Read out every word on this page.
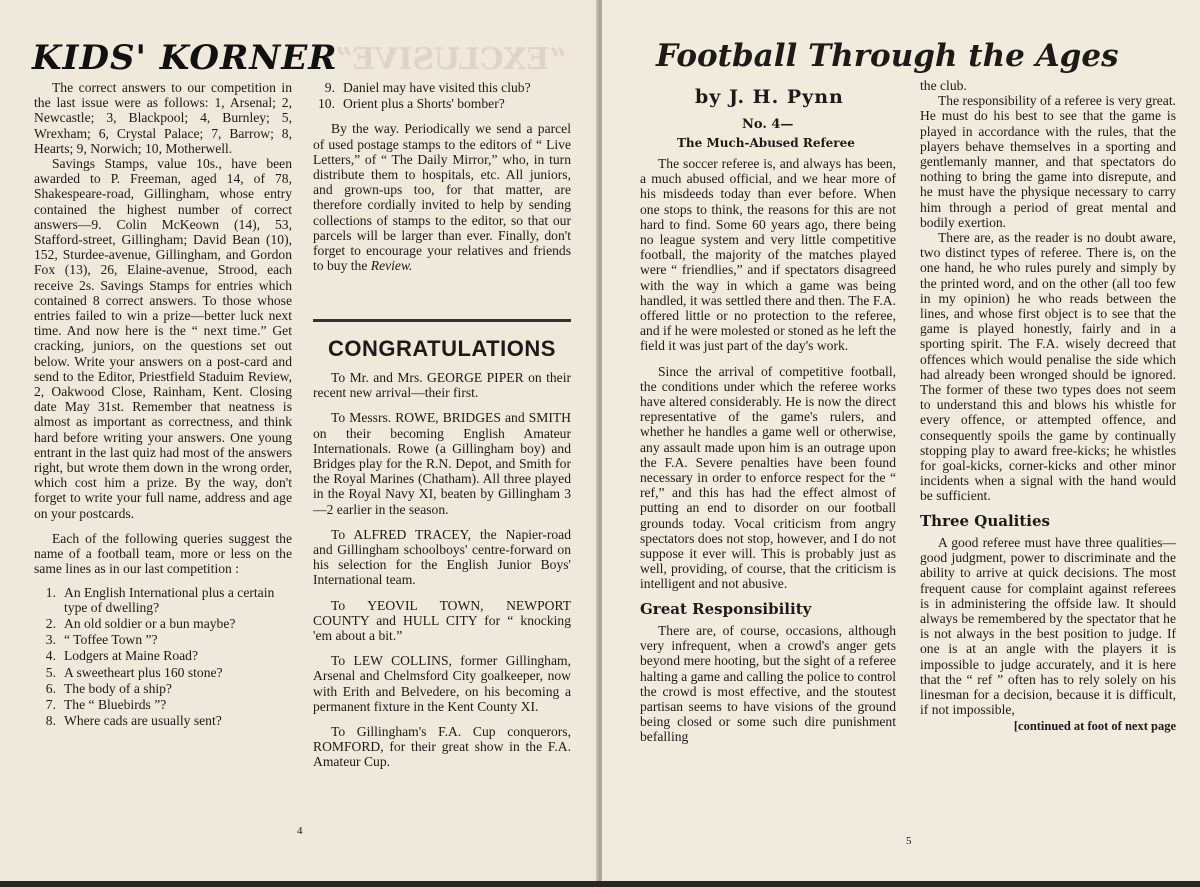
“EXCLUSIVE”
KIDS' KORNER

The correct answers to our competition in the last issue were as follows: 1, Arsenal; 2, Newcastle; 3, Blackpool; 4, Burnley; 5, Wrexham; 6, Crystal Palace; 7, Barrow; 8, Hearts; 9, Norwich; 10, Motherwell.

Savings Stamps, value 10s., have been awarded to P. Freeman, aged 14, of 78, Shakespeare-road, Gillingham, whose entry contained the highest number of correct answers—9. Colin McKeown (14), 53, Stafford-street, Gillingham; David Bean (10), 152, Sturdee-avenue, Gillingham, and Gordon Fox (13), 26, Elaine-avenue, Strood, each receive 2s. Savings Stamps for entries which contained 8 correct answers. To those whose entries failed to win a prize—better luck next time. And now here is the “ next time.” Get cracking, juniors, on the questions set out below. Write your answers on a post-card and send to the Editor, Priestfield Staduim Review, 2, Oakwood Close, Rainham, Kent. Closing date May 31st. Remember that neatness is almost as important as correctness, and think hard before writing your answers. One young entrant in the last quiz had most of the answers right, but wrote them down in the wrong order, which cost him a prize. By the way, don't forget to write your full name, address and age on your postcards.

Each of the following queries suggest the name of a football team, more or less on the same lines as in our last competition :

1. An English International plus a certain type of dwelling?
2. An old soldier or a bun maybe?
3. “ Toffee Town ”?
4. Lodgers at Maine Road?
5. A sweetheart plus 160 stone?
6. The body of a ship?
7. The “ Bluebirds ”?
8. Where cads are usually sent?
9. Daniel may have visited this club?
10. Orient plus a Shorts' bomber?

By the way. Periodically we send a parcel of used postage stamps to the editors of “ Live Letters,” of “ The Daily Mirror,” who, in turn distribute them to hospitals, etc. All juniors, and grown-ups too, for that matter, are therefore cordially invited to help by sending collections of stamps to the editor, so that our parcels will be larger than ever. Finally, don't forget to encourage your relatives and friends to buy the Review.

CONGRATULATIONS

To Mr. and Mrs. GEORGE PIPER on their recent new arrival—their first.

To Messrs. ROWE, BRIDGES and SMITH on their becoming English Amateur Internationals. Rowe (a Gillingham boy) and Bridges play for the R.N. Depot, and Smith for the Royal Marines (Chatham). All three played in the Royal Navy XI, beaten by Gillingham 3—2 earlier in the season.

To ALFRED TRACEY, the Napier-road and Gillingham schoolboys' centre-forward on his selection for the English Junior Boys' International team.

To YEOVIL TOWN, NEWPORT COUNTY and HULL CITY for “ knocking 'em about a bit.”

To LEW COLLINS, former Gillingham, Arsenal and Chelmsford City goalkeeper, now with Erith and Belvedere, on his becoming a permanent fixture in the Kent County XI.

To Gillingham's F.A. Cup conquerors, ROMFORD, for their great show in the F.A. Amateur Cup.

4
Football Through the Ages
by J. H. Pynn
No. 4—
The Much-Abused Referee

The soccer referee is, and always has been, a much abused official, and we hear more of his misdeeds today than ever before. When one stops to think, the reasons for this are not hard to find. Some 60 years ago, there being no league system and very little competitive football, the majority of the matches played were “ friendlies,” and if spectators disagreed with the way in which a game was being handled, it was settled there and then. The F.A. offered little or no protection to the referee, and if he were molested or stoned as he left the field it was just part of the day's work.

Since the arrival of competitive football, the conditions under which the referee works have altered considerably. He is now the direct representative of the game's rulers, and whether he handles a game well or otherwise, any assault made upon him is an outrage upon the F.A. Severe penalties have been found necessary in order to enforce respect for the “ ref,” and this has had the effect almost of putting an end to disorder on our football grounds today. Vocal criticism from angry spectators does not stop, however, and I do not suppose it ever will. This is probably just as well, providing, of course, that the criticism is intelligent and not abusive.

Great Responsibility

There are, of course, occasions, although very infrequent, when a crowd's anger gets beyond mere hooting, but the sight of a referee halting a game and calling the police to control the crowd is most effective, and the stoutest partisan seems to have visions of the ground being closed or some such dire punishment befalling

the club.

The responsibility of a referee is very great. He must do his best to see that the game is played in accordance with the rules, that the players behave themselves in a sporting and gentlemanly manner, and that spectators do nothing to bring the game into disrepute, and he must have the physique necessary to carry him through a period of great mental and bodily exertion.

There are, as the reader is no doubt aware, two distinct types of referee. There is, on the one hand, he who rules purely and simply by the printed word, and on the other (all too few in my opinion) he who reads between the lines, and whose first object is to see that the game is played honestly, fairly and in a sporting spirit. The F.A. wisely decreed that offences which would penalise the side which had already been wronged should be ignored. The former of these two types does not seem to understand this and blows his whistle for every offence, or attempted offence, and consequently spoils the game by continually stopping play to award free-kicks; he whistles for goal-kicks, corner-kicks and other minor incidents when a signal with the hand would be sufficient.

Three Qualities

A good referee must have three qualities—good judgment, power to discriminate and the ability to arrive at quick decisions. The most frequent cause for complaint against referees is in administering the offside law. It should always be remembered by the spectator that he is not always in the best position to judge. If one is at an angle with the players it is impossible to judge accurately, and it is here that the “ ref ” often has to rely solely on his linesman for a decision, because it is difficult, if not impossible,

[continued at foot of next page
5
